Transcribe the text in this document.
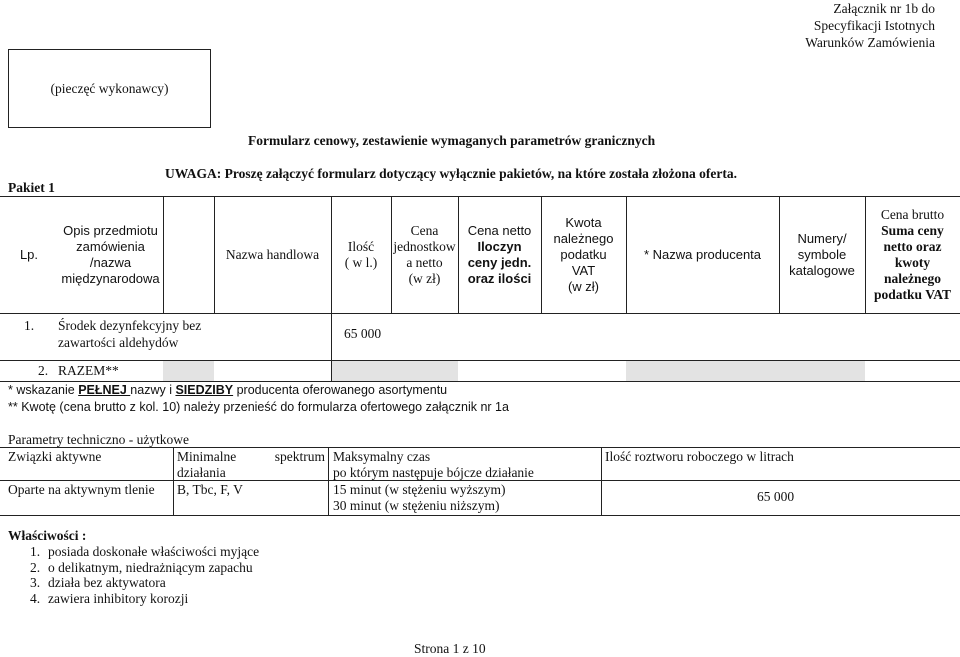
Załącznik nr 1b do
Specyfikacji Istotnych
Warunków Zamówienia
(pieczęć wykonawcy)
Formularz cenowy, zestawienie wymaganych parametrów granicznych
UWAGA: Proszę załączyć formularz dotyczący wyłącznie pakietów, na które została złożona oferta.
Pakiet 1
Lp.
Opis przedmiotu zamówienia /nazwa międzynarodowa
Nazwa handlowa
Ilość
( w l.)
Cena jednostkow a netto
(w zł)
Cena netto
Iloczyn ceny jedn. oraz ilości
Kwota należnego podatku VAT
(w zł)
* Nazwa producenta
Numery/ symbole katalogowe
Cena brutto
Suma ceny netto oraz kwoty należnego podatku VAT
1. Środek dezynfekcyjny bez zawartości aldehydów
65 000
2. RAZEM**
* wskazanie PEŁNEJ nazwy i SIEDZIBY producenta oferowanego asortymentu
** Kwotę (cena brutto z kol. 10) należy przenieść do formularza ofertowego załącznik nr 1a
Parametry techniczno - użytkowe
Związki aktywne	Minimalne spektrum działania
Maksymalny czas
po którym następuje bójcze działanie
Ilość roztworu roboczego w litrach
Oparte na aktywnym tlenie B, Tbc, F, V	15 minut (w stężeniu wyższym)
30 minut (w stężeniu niższym)
65 000
Właściwości :
1. posiada doskonałe właściwości myjące
2. o delikatnym, niedrażniącym zapachu
3. działa bez aktywatora
4. zawiera inhibitory korozji
Strona 1 z 10
